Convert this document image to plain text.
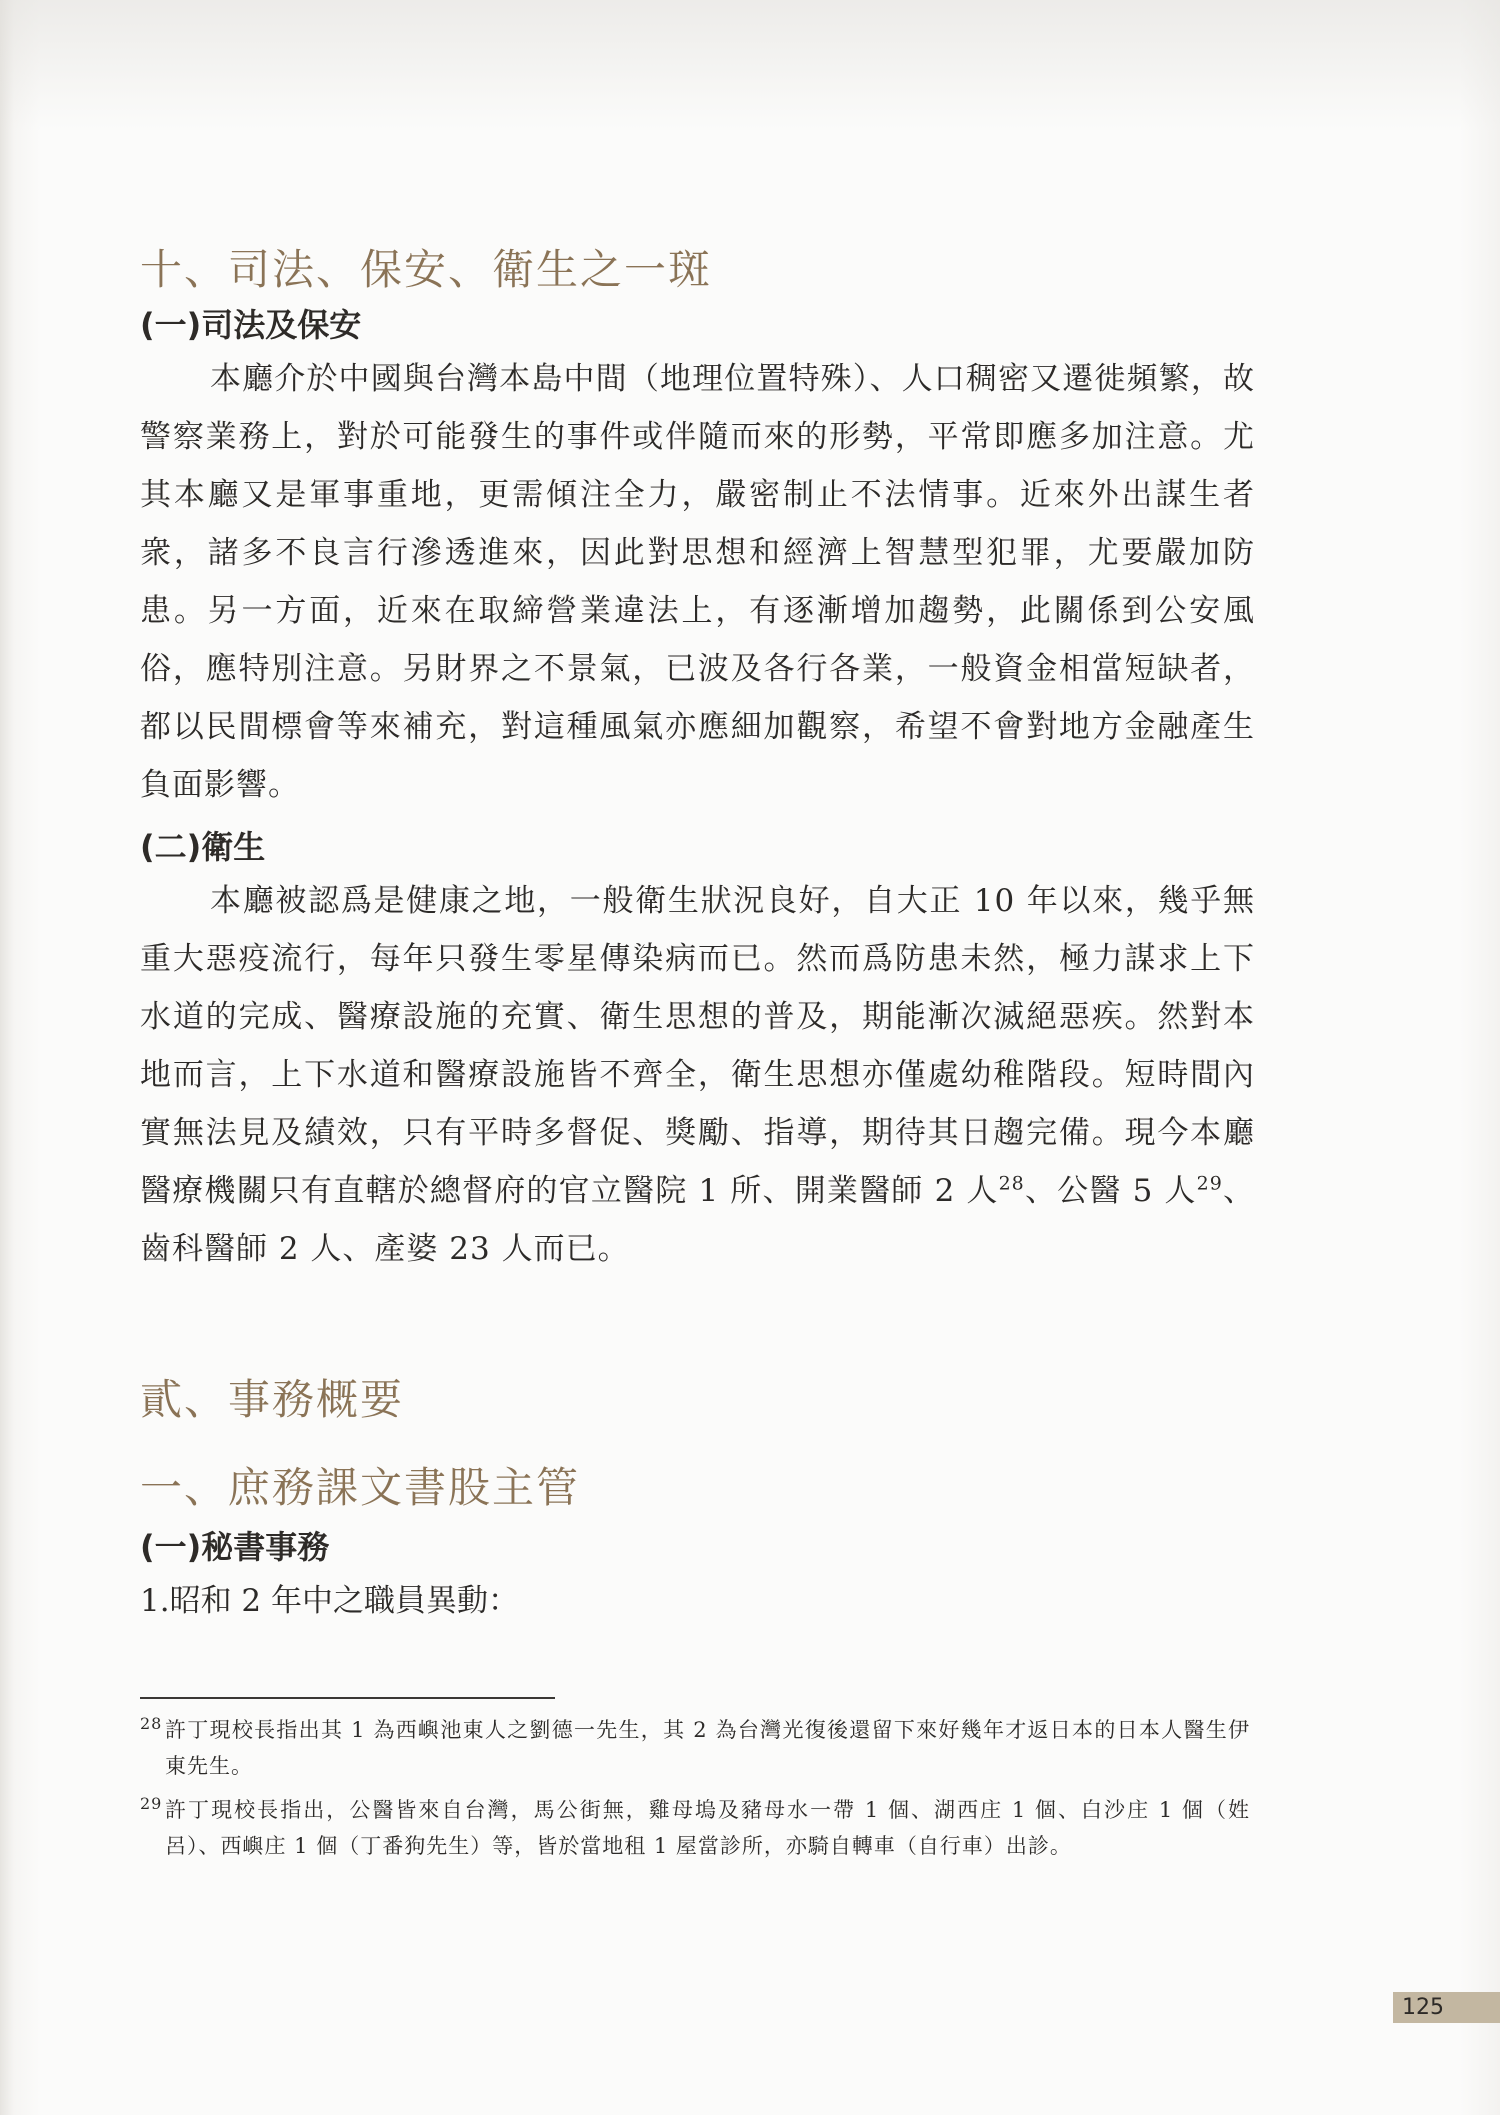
十、司法、保安、衛生之一斑
(一)司法及保安

本廳介於中國與台灣本島中間（地理位置特殊）、人口稠密又遷徙頻繁，故警察業務上，對於可能發生的事件或伴隨而來的形勢，平常即應多加注意。尤其本廳又是軍事重地，更需傾注全力，嚴密制止不法情事。近來外出謀生者衆，諸多不良言行滲透進來，因此對思想和經濟上智慧型犯罪，尤要嚴加防患。另一方面，近來在取締營業違法上，有逐漸增加趨勢，此關係到公安風俗，應特別注意。另財界之不景氣，已波及各行各業，一般資金相當短缺者，都以民間標會等來補充，對這種風氣亦應細加觀察，希望不會對地方金融產生負面影響。

(二)衛生

本廳被認爲是健康之地，一般衛生狀況良好，自大正 10 年以來，幾乎無重大惡疫流行，每年只發生零星傳染病而已。然而爲防患未然，極力謀求上下水道的完成、醫療設施的充實、衛生思想的普及，期能漸次滅絕惡疾。然對本地而言，上下水道和醫療設施皆不齊全，衛生思想亦僅處幼稚階段。短時間內實無法見及績效，只有平時多督促、獎勵、指導，期待其日趨完備。現今本廳醫療機關只有直轄於總督府的官立醫院 1 所、開業醫師 2 人$^{28}$、公醫 5 人$^{29}$、齒科醫師 2 人、產婆 23 人而已。

貳、事務概要
一、庶務課文書股主管
(一)秘書事務

1.昭和 2 年中之職員異動：

28 許丁現校長指出其 1 為西嶼池東人之劉德一先生，其 2 為台灣光復後還留下來好幾年才返日本的日本人醫生伊東先生。
29 許丁現校長指出，公醫皆來自台灣，馬公街無，雞母塢及豬母水一帶 1 個、湖西庄 1 個、白沙庄 1 個（姓呂）、西嶼庄 1 個（丁番狗先生）等，皆於當地租 1 屋當診所，亦騎自轉車（自行車）出診。
125
